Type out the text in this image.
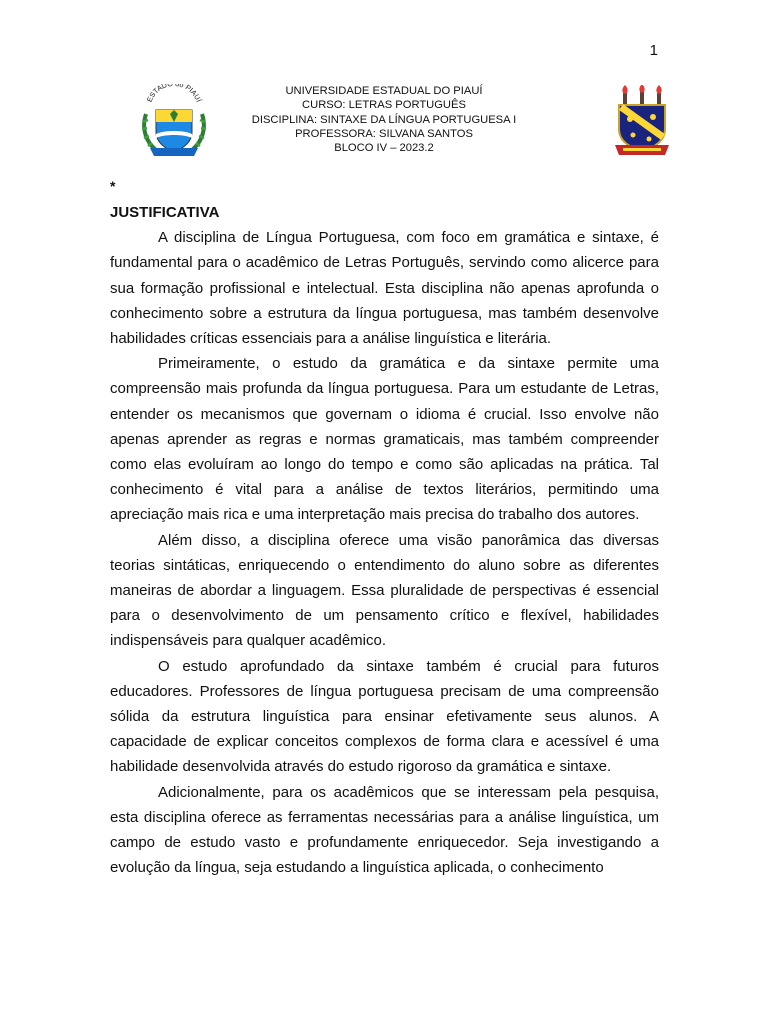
1
ESTAD o PIAUÍ
UNIVERSIDADE ESTADUAL DO PIAUÍ
CURSO: LETRAS PORTUGUÊS
DISCIPLINA: SINTAXE DA LÍNGUA PORTUGUESA I
PROFESSORA: SILVANA SANTOS
BLOCO IV – 2023.2
*

JUSTIFICATIVA

A disciplina de Língua Portuguesa, com foco em gramática e sintaxe, é fundamental para o acadêmico de Letras Português, servindo como alicerce para sua formação profissional e intelectual. Esta disciplina não apenas aprofunda o conhecimento sobre a estrutura da língua portuguesa, mas também desenvolve habilidades críticas essenciais para a análise linguística e literária.

Primeiramente, o estudo da gramática e da sintaxe permite uma compreensão mais profunda da língua portuguesa. Para um estudante de Letras, entender os mecanismos que governam o idioma é crucial. Isso envolve não apenas aprender as regras e normas gramaticais, mas também compreender como elas evoluíram ao longo do tempo e como são aplicadas na prática. Tal conhecimento é vital para a análise de textos literários, permitindo uma apreciação mais rica e uma interpretação mais precisa do trabalho dos autores.

Além disso, a disciplina oferece uma visão panorâmica das diversas teorias sintáticas, enriquecendo o entendimento do aluno sobre as diferentes maneiras de abordar a linguagem. Essa pluralidade de perspectivas é essencial para o desenvolvimento de um pensamento crítico e flexível, habilidades indispensáveis para qualquer acadêmico.

O estudo aprofundado da sintaxe também é crucial para futuros educadores. Professores de língua portuguesa precisam de uma compreensão sólida da estrutura linguística para ensinar efetivamente seus alunos. A capacidade de explicar conceitos complexos de forma clara e acessível é uma habilidade desenvolvida através do estudo rigoroso da gramática e sintaxe.

Adicionalmente, para os acadêmicos que se interessam pela pesquisa, esta disciplina oferece as ferramentas necessárias para a análise linguística, um campo de estudo vasto e profundamente enriquecedor. Seja investigando a evolução da língua, seja estudando a linguística aplicada, o conhecimento
